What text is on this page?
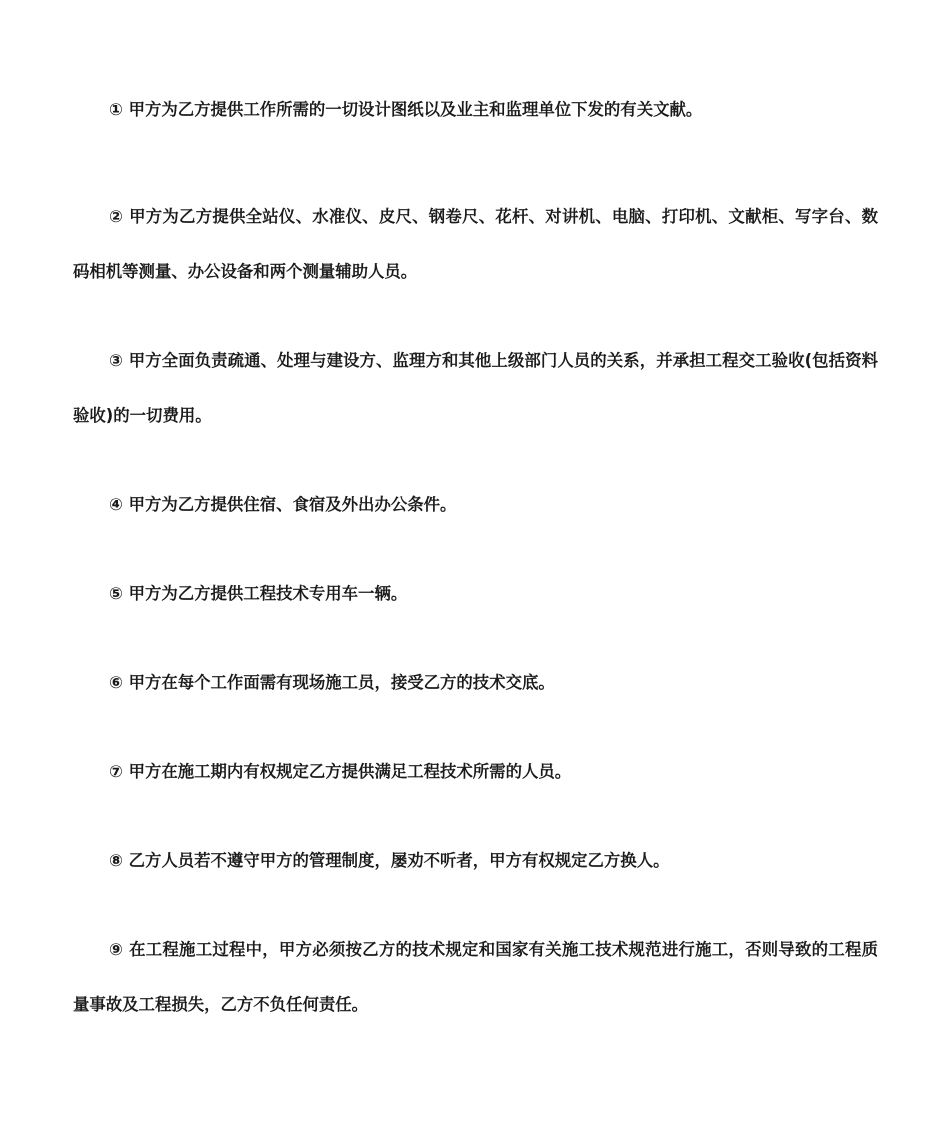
① 甲方为乙方提供工作所需的一切设计图纸以及业主和监理单位下发的有关文献。
② 甲方为乙方提供全站仪、水准仪、皮尺、钢卷尺、花杆、对讲机、电脑、打印机、文献柜、写字台、数码相机等测量、办公设备和两个测量辅助人员。
③ 甲方全面负责疏通、处理与建设方、监理方和其他上级部门人员的关系，并承担工程交工验收(包括资料验收)的一切费用。
④ 甲方为乙方提供住宿、食宿及外出办公条件。
⑤ 甲方为乙方提供工程技术专用车一辆。
⑥ 甲方在每个工作面需有现场施工员，接受乙方的技术交底。
⑦ 甲方在施工期内有权规定乙方提供满足工程技术所需的人员。
⑧ 乙方人员若不遵守甲方的管理制度，屡劝不听者，甲方有权规定乙方换人。
⑨ 在工程施工过程中，甲方必须按乙方的技术规定和国家有关施工技术规范进行施工，否则导致的工程质量事故及工程损失，乙方不负任何责任。
